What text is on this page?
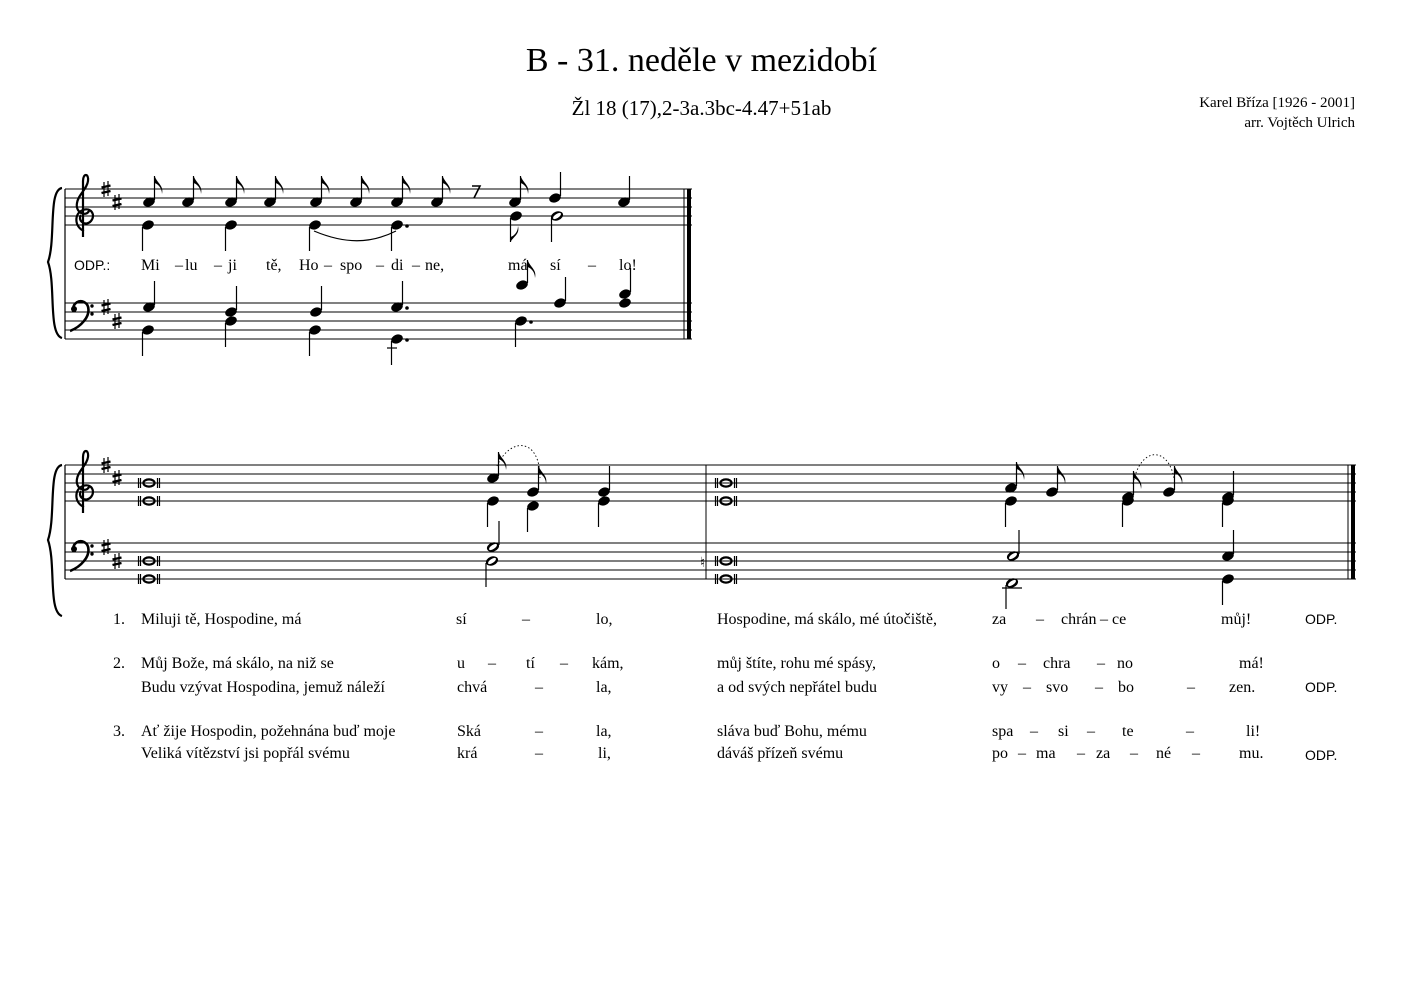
B - 31. neděle v mezidobí
Žl 18 (17),2-3a.3bc-4.47+51ab	Karel Bříza [1926 - 2001]
arr. Vojtěch Ulrich
ODP.: Mi – lu – ji tě, Ho – spo – di – ne,	má sí – lo!
♮
1. Miluji tě, Hospodine, má	sí	–	lo,	Hospodine, má skálo, mé útočiště,	za – chrán – ce	můj!	ODP.
2. Můj Bože, má skálo, na niž se	u – tí – kám,	můj štíte, rohu mé spásy,	o – chra – no	má!
Budu vzývat Hospodina, jemuž náleží	chvá	–	la,	a od svých nepřátel budu	vy – svo – bo	– zen.	ODP.
3. Ať žije Hospodin, požehnána buď moje	Ská	–	la,	sláva buď Bohu, mému	spa – si – te	–	li!
Veliká vítězství jsi popřál svému	krá	–	li,	dáváš přízeň svému	po – ma – za – né – mu.	ODP.
